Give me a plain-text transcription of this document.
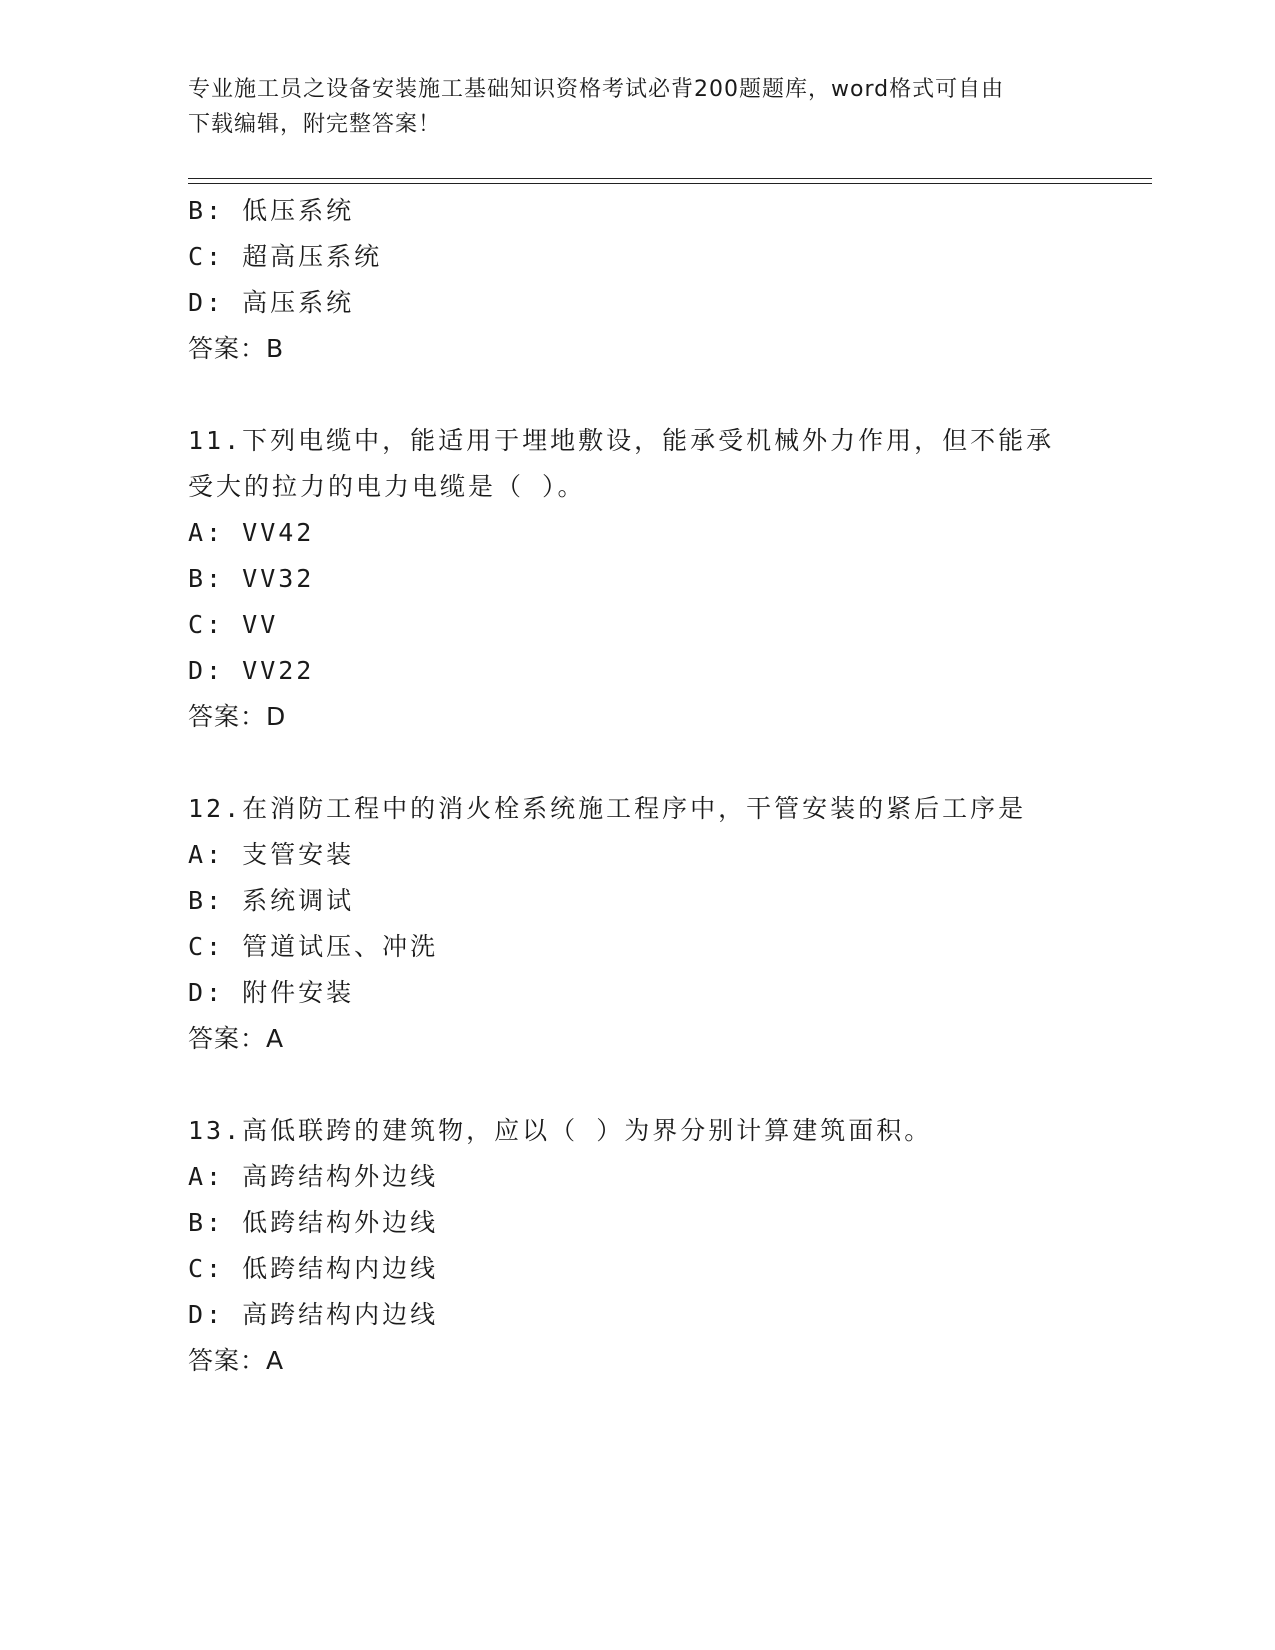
专业施工员之设备安装施工基础知识资格考试必背200题题库，word格式可自由
下载编辑，附完整答案！
B: 低压系统
C: 超高压系统
D: 高压系统
答案：B
11.下列电缆中，能适用于埋地敷设，能承受机械外力作用，但不能承
受大的拉力的电力电缆是（ ）。
A: VV42
B: VV32
C: VV
D: VV22
答案：D
12.在消防工程中的消火栓系统施工程序中，干管安装的紧后工序是
A: 支管安装
B: 系统调试
C: 管道试压、冲洗
D: 附件安装
答案：A
13.高低联跨的建筑物，应以（ ）为界分别计算建筑面积。
A: 高跨结构外边线
B: 低跨结构外边线
C: 低跨结构内边线
D: 高跨结构内边线
答案：A
